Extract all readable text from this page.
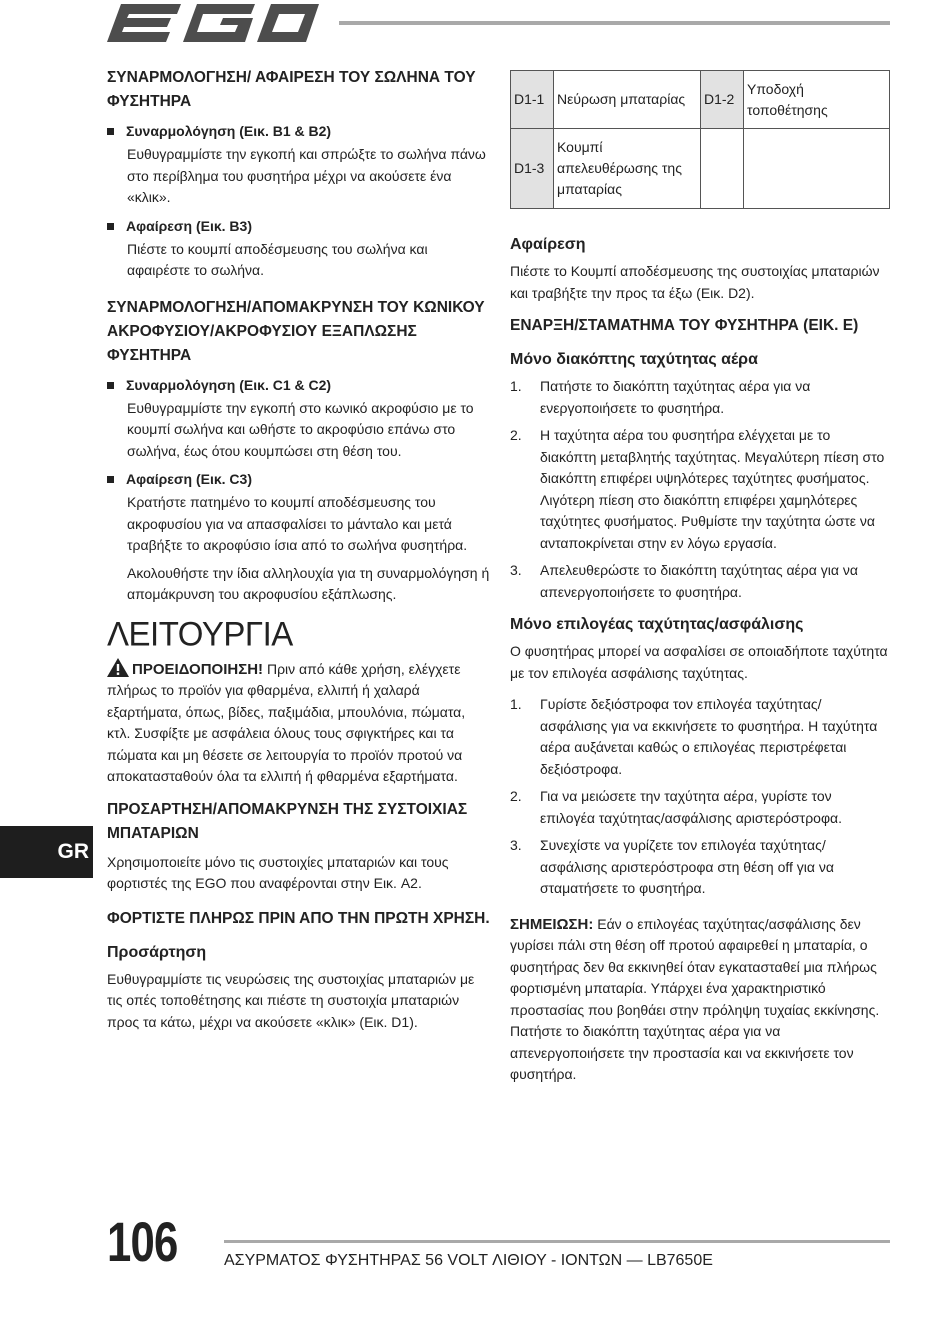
ΣΥΝΑΡΜΟΛΟΓΗΣΗ/ ΑΦΑΙΡΕΣΗ ΤΟΥ ΣΩΛΗΝΑ ΤΟΥ ΦΥΣΗΤΗΡΑ
Συναρμολόγηση (Εικ. B1 & B2)
Ευθυγραμμίστε την εγκοπή και σπρώξτε το σωλήνα πάνω στο περίβλημα του φυσητήρα μέχρι να ακούσετε ένα «κλικ».
Αφαίρεση (Εικ. B3)
Πιέστε το κουμπί αποδέσμευσης του σωλήνα και αφαιρέστε το σωλήνα.
ΣΥΝΑΡΜΟΛΟΓΗΣΗ/ΑΠΟΜΑΚΡΥΝΣΗ ΤΟΥ ΚΩΝΙΚΟΥ ΑΚΡΟΦΥΣΙΟΥ/ΑΚΡΟΦΥΣΙΟΥ ΕΞΑΠΛΩΣΗΣ ΦΥΣΗΤΗΡΑ
Συναρμολόγηση (Εικ. C1 & C2)
Ευθυγραμμίστε την εγκοπή στο κωνικό ακροφύσιο με το κουμπί σωλήνα και ωθήστε το ακροφύσιο επάνω στο σωλήνα, έως ότου κουμπώσει στη θέση του.
Αφαίρεση (Εικ. C3)
Κρατήστε πατημένο το κουμπί αποδέσμευσης του ακροφυσίου για να απασφαλίσει το μάνταλο και μετά τραβήξτε το ακροφύσιο ίσια από το σωλήνα φυσητήρα.
Ακολουθήστε την ίδια αλληλουχία για τη συναρμολόγηση ή απομάκρυνση του ακροφυσίου εξάπλωσης.
ΛΕΙΤΟΥΡΓΙΑ
ΠΡΟΕΙΔΟΠΟΙΗΣΗ! Πριν από κάθε χρήση, ελέγχετε πλήρως το προϊόν για φθαρμένα, ελλιπή ή χαλαρά εξαρτήματα, όπως, βίδες, παξιμάδια, μπουλόνια, πώματα, κτλ. Συσφίξτε με ασφάλεια όλους τους σφιγκτήρες και τα πώματα και μη θέσετε σε λειτουργία το προϊόν προτού να αποκατασταθούν όλα τα ελλιπή ή φθαρμένα εξαρτήματα.
ΠΡΟΣΑΡΤΗΣΗ/ΑΠΟΜΑΚΡΥΝΣΗ ΤΗΣ ΣΥΣΤΟΙΧΙΑΣ ΜΠΑΤΑΡΙΩΝ
Χρησιμοποιείτε μόνο τις συστοιχίες μπαταριών και τους φορτιστές της EGO που αναφέρονται στην Εικ. A2.
ΦΟΡΤΙΣΤΕ ΠΛΗΡΩΣ ΠΡΙΝ ΑΠΟ ΤΗΝ ΠΡΩΤΗ ΧΡΗΣΗ.
Προσάρτηση
Ευθυγραμμίστε τις νευρώσεις της συστοιχίας μπαταριών με τις οπές τοποθέτησης και πιέστε τη συστοιχία μπαταριών προς τα κάτω, μέχρι να ακούσετε «κλικ» (Εικ. D1).
D1-1	Νεύρωση μπαταρίας	D1-2	Υποδοχή τοποθέτησης
D1-3	Κουμπί απελευθέρωσης της μπαταρίας		
Αφαίρεση
Πιέστε το Κουμπί αποδέσμευσης της συστοιχίας μπαταριών και τραβήξτε την προς τα έξω (Εικ. D2).
ΕΝΑΡΞΗ/ΣΤΑΜΑΤΗΜΑ ΤΟΥ ΦΥΣΗΤΗΡΑ (ΕΙΚ. E)
Μόνο διακόπτης ταχύτητας αέρα
1.	Πατήστε το διακόπτη ταχύτητας αέρα για να ενεργοποιήσετε το φυσητήρα.
2.	Η ταχύτητα αέρα του φυσητήρα ελέγχεται με το διακόπτη μεταβλητής ταχύτητας. Μεγαλύτερη πίεση στο διακόπτη επιφέρει υψηλότερες ταχύτητες φυσήματος. Λιγότερη πίεση στο διακόπτη επιφέρει χαμηλότερες ταχύτητες φυσήματος. Ρυθμίστε την ταχύτητα ώστε να ανταποκρίνεται στην εν λόγω εργασία.
3.	Απελευθερώστε το διακόπτη ταχύτητας αέρα για να απενεργοποιήσετε το φυσητήρα.
Μόνο επιλογέας ταχύτητας/ασφάλισης
Ο φυσητήρας μπορεί να ασφαλίσει σε οποιαδήποτε ταχύτητα με τον επιλογέα ασφάλισης ταχύτητας.
1.	Γυρίστε δεξιόστροφα τον επιλογέα ταχύτητας/ ασφάλισης για να εκκινήσετε το φυσητήρα. Η ταχύτητα αέρα αυξάνεται καθώς ο επιλογέας περιστρέφεται δεξιόστροφα.
2.	Για να μειώσετε την ταχύτητα αέρα, γυρίστε τον επιλογέα ταχύτητας/ασφάλισης αριστερόστροφα.
3.	Συνεχίστε να γυρίζετε τον επιλογέα ταχύτητας/ ασφάλισης αριστερόστροφα στη θέση off για να σταματήσετε το φυσητήρα.
ΣΗΜΕΙΩΣΗ: Εάν ο επιλογέας ταχύτητας/ασφάλισης δεν γυρίσει πάλι στη θέση off προτού αφαιρεθεί η μπαταρία, ο φυσητήρας δεν θα εκκινηθεί όταν εγκατασταθεί μια πλήρως φορτισμένη μπαταρία. Υπάρχει ένα χαρακτηριστικό προστασίας που βοηθάει στην πρόληψη τυχαίας εκκίνησης. Πατήστε το διακόπτη ταχύτητας αέρα για να απενεργοποιήσετε την προστασία και να εκκινήσετε τον φυσητήρα.
GR
106	ΑΣΥΡΜΑΤΟΣ ΦΥΣΗΤΗΡΑΣ 56 VOLT ΛΙΘΙΟΥ - ΙΟΝΤΩΝ — LB7650E
